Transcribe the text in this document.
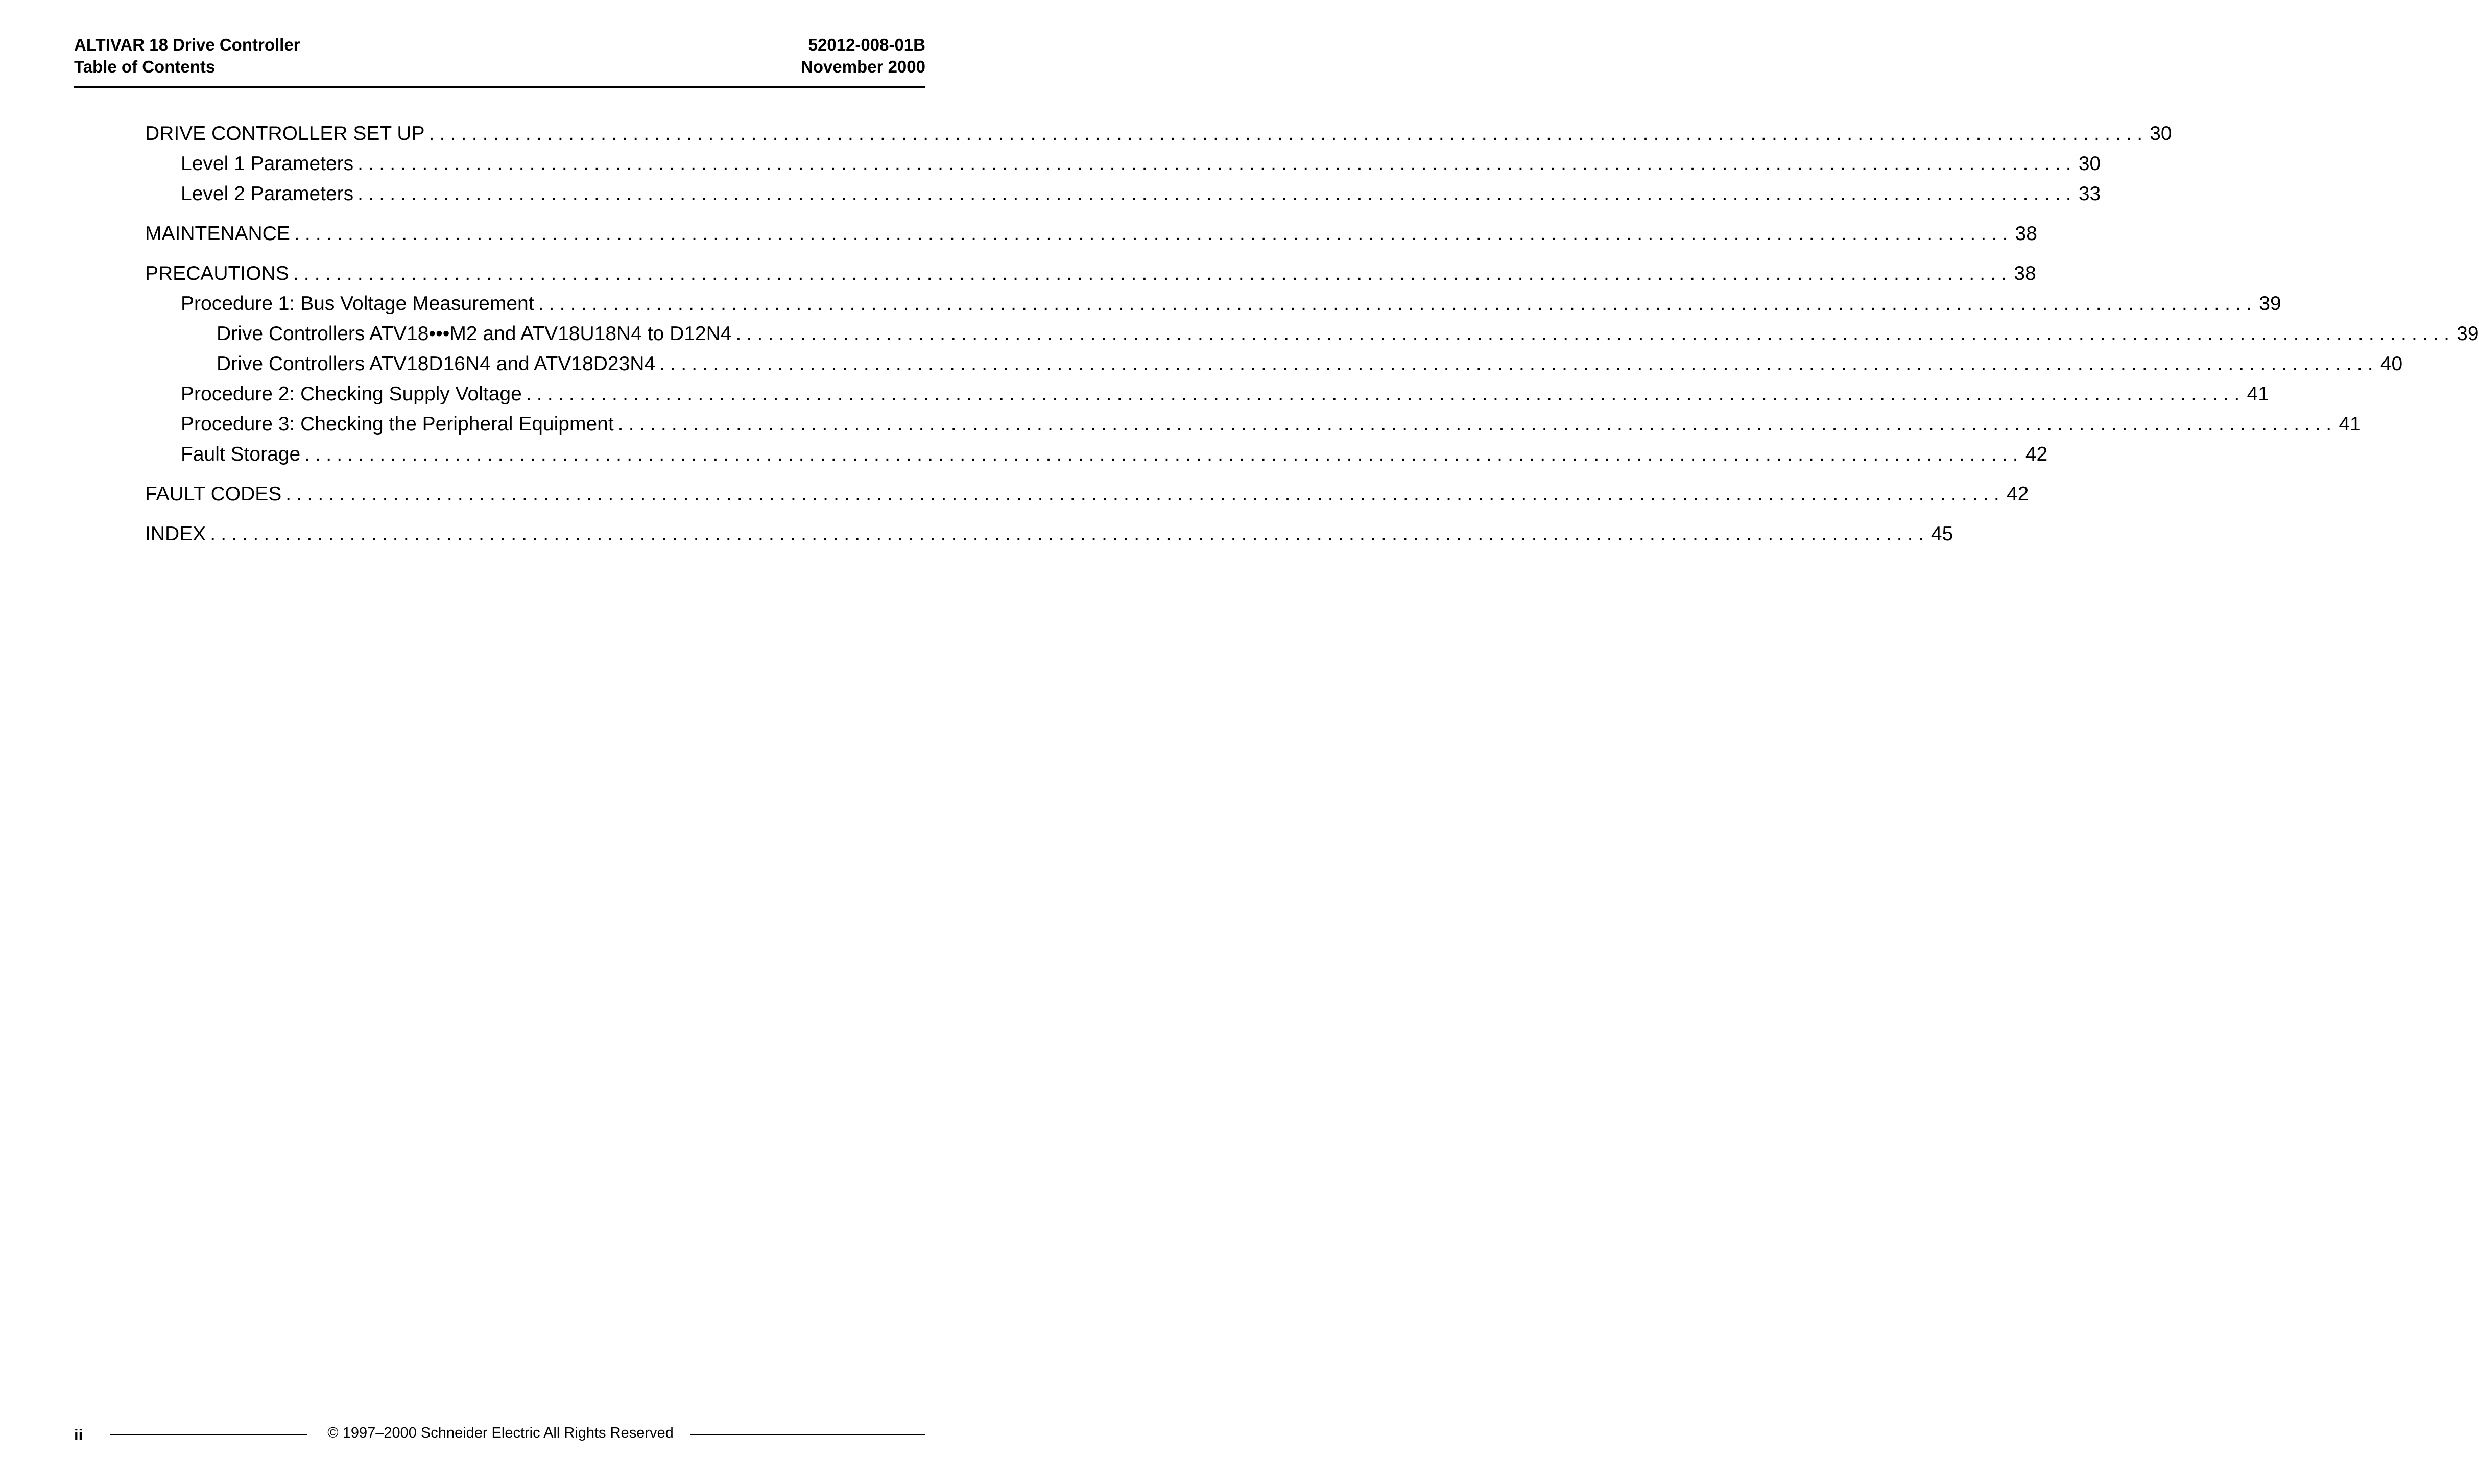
ALTIVAR 18 Drive Controller
Table of Contents
52012-008-01B
November 2000
DRIVE CONTROLLER SET UP ................................................................................................................................................................ 30
Level 1 Parameters ................................................................................................................................................................ 30
Level 2 Parameters ................................................................................................................................................................ 33
MAINTENANCE ................................................................................................................................................................ 38
PRECAUTIONS ................................................................................................................................................................ 38
Procedure 1: Bus Voltage Measurement ................................................................................................................................................................ 39
Drive Controllers ATV18•••M2 and ATV18U18N4 to D12N4 ................................................................................................................................................................ 39
Drive Controllers ATV18D16N4 and ATV18D23N4 ................................................................................................................................................................ 40
Procedure 2: Checking Supply Voltage ................................................................................................................................................................ 41
Procedure 3: Checking the Peripheral Equipment ................................................................................................................................................................ 41
Fault Storage ................................................................................................................................................................ 42
FAULT CODES ................................................................................................................................................................ 42
INDEX ................................................................................................................................................................ 45
ii	© 1997–2000 Schneider Electric All Rights Reserved
